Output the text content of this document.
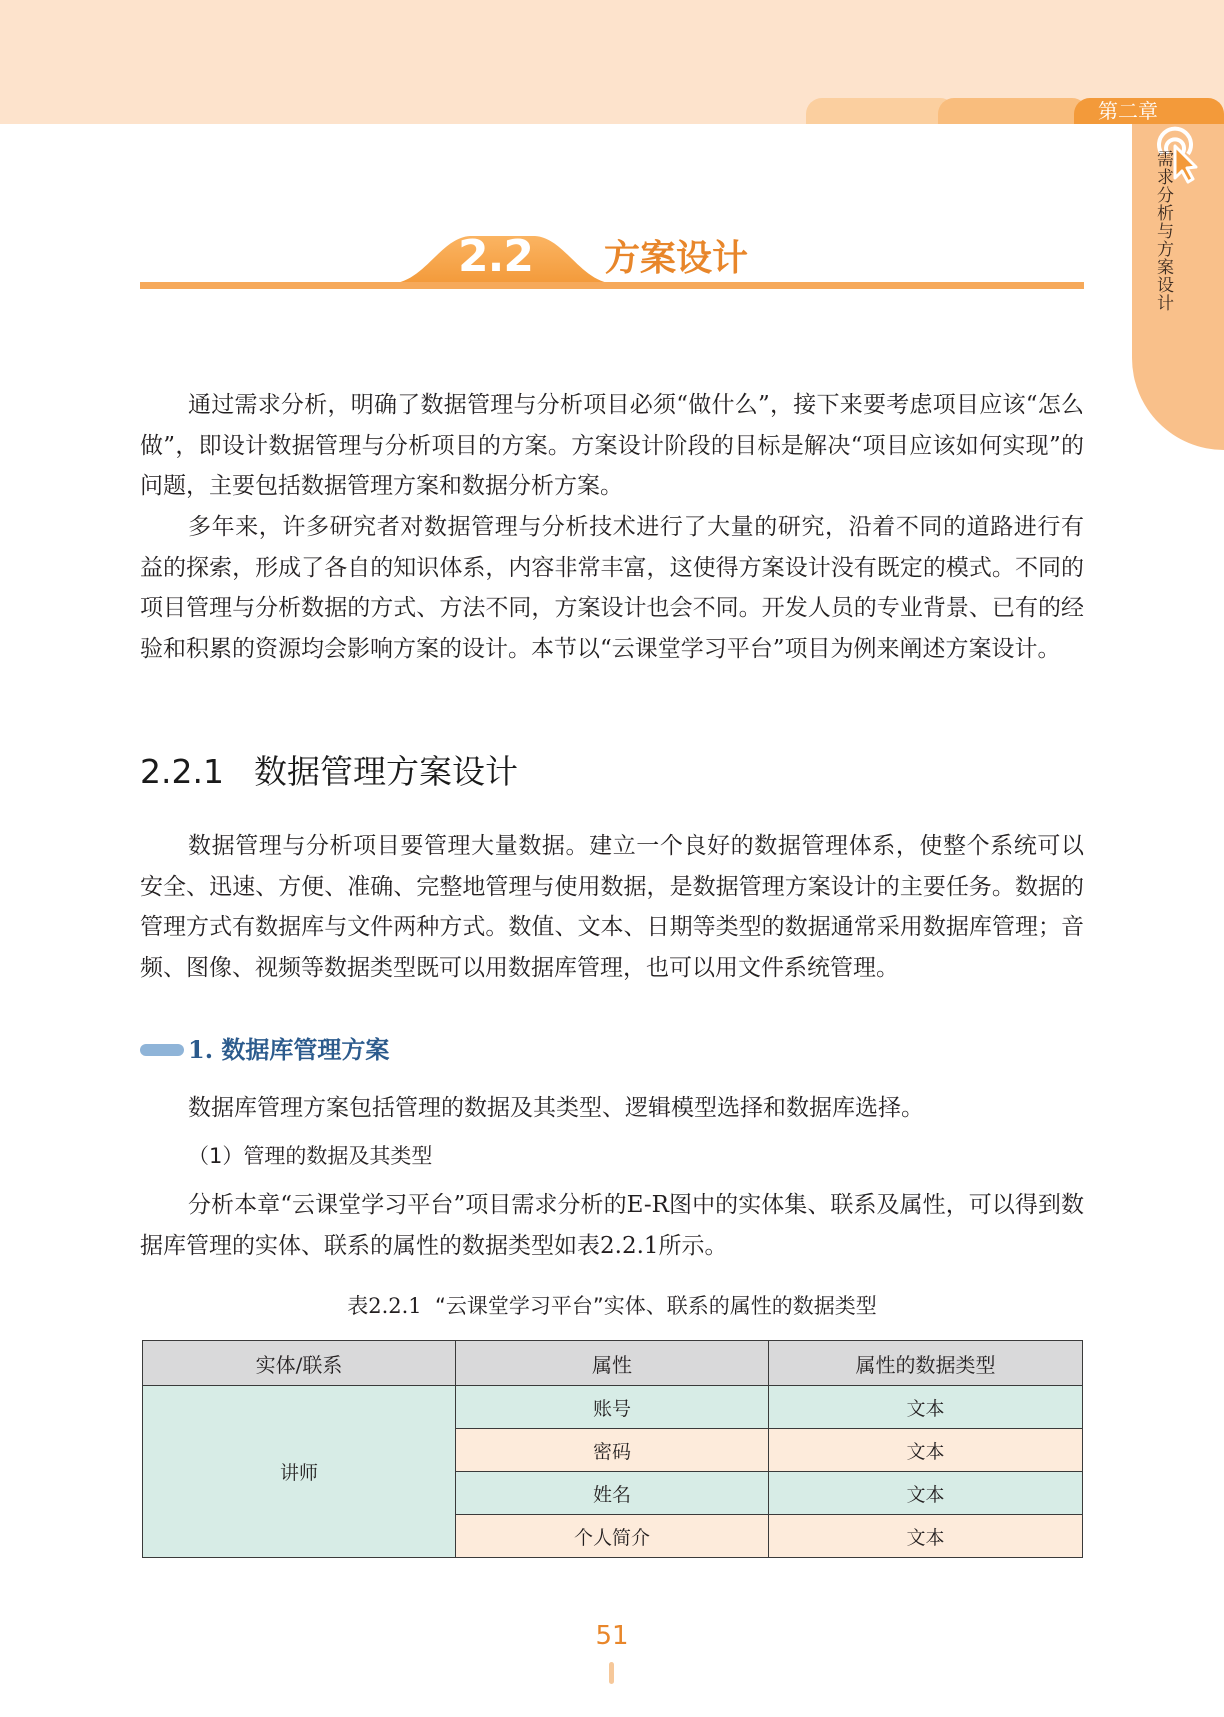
第二章
需求分析与方案设计
2.2 方案设计

通过需求分析，明确了数据管理与分析项目必须“做什么”，接下来要考虑项目应该“怎么做”，即设计数据管理与分析项目的方案。方案设计阶段的目标是解决“项目应该如何实现”的问题，主要包括数据管理方案和数据分析方案。

多年来，许多研究者对数据管理与分析技术进行了大量的研究，沿着不同的道路进行有益的探索，形成了各自的知识体系，内容非常丰富，这使得方案设计没有既定的模式。不同的项目管理与分析数据的方式、方法不同，方案设计也会不同。开发人员的专业背景、已有的经验和积累的资源均会影响方案的设计。本节以“云课堂学习平台”项目为例来阐述方案设计。

2.2.1 数据管理方案设计

数据管理与分析项目要管理大量数据。建立一个良好的数据管理体系，使整个系统可以安全、迅速、方便、准确、完整地管理与使用数据，是数据管理方案设计的主要任务。数据的管理方式有数据库与文件两种方式。数值、文本、日期等类型的数据通常采用数据库管理；音频、图像、视频等数据类型既可以用数据库管理，也可以用文件系统管理。

1. 数据库管理方案

数据库管理方案包括管理的数据及其类型、逻辑模型选择和数据库选择。

（1）管理的数据及其类型

分析本章“云课堂学习平台”项目需求分析的E-R图中的实体集、联系及属性，可以得到数据库管理的实体、联系的属性的数据类型如表2.2.1所示。

表2.2.1 “云课堂学习平台”实体、联系的属性的数据类型
实体/联系	属性	属性的数据类型
讲师	账号	文本
	密码	文本
	姓名	文本
	个人简介	文本
51
